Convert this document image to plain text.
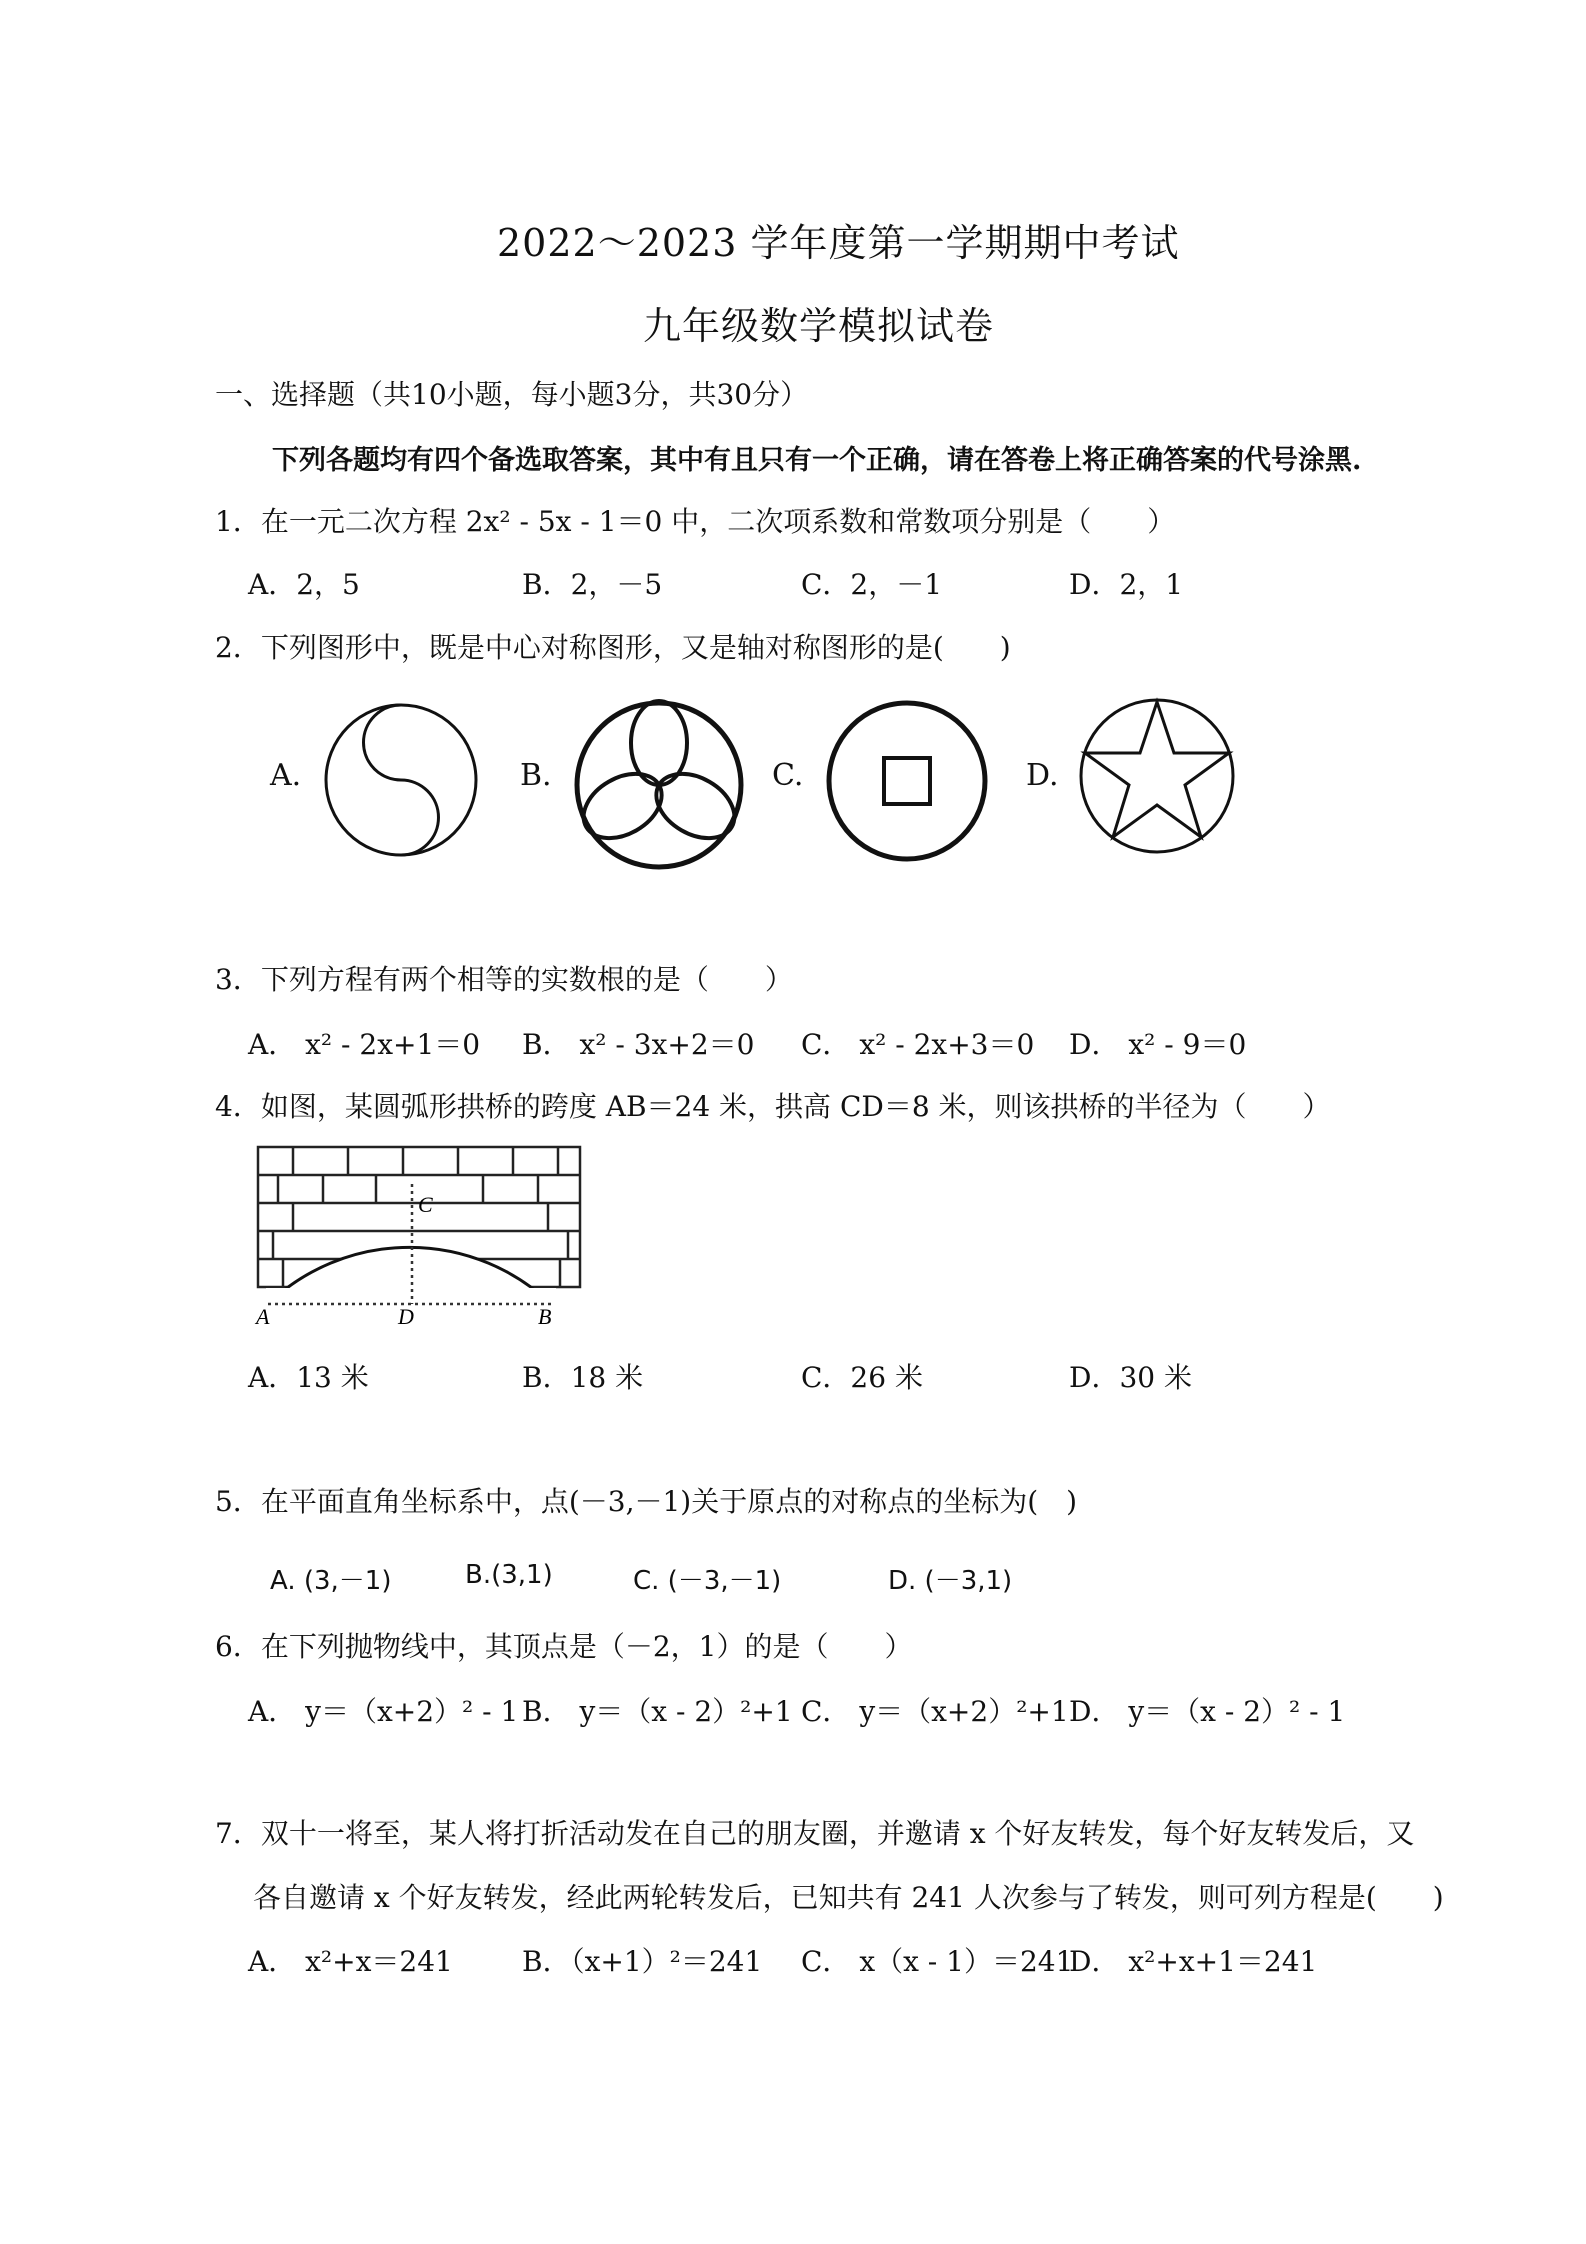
2022～2023 学年度第一学期期中考试
九年级数学模拟试卷
一、选择题（共10小题，每小题3分，共30分）
下列各题均有四个备选取答案，其中有且只有一个正确，请在答卷上将正确答案的代号涂黑.
1．在一元二次方程 2x² - 5x - 1＝0 中，二次项系数和常数项分别是（　　）
A．2，5	B．2，－5	C．2，－1	D．2，1
2．下列图形中，既是中心对称图形，又是轴对称图形的是(　　)
A.	B.	C.	D.
3．下列方程有两个相等的实数根的是（　　）
A． x² - 2x+1＝0 B． x² - 3x+2＝0 C． x² - 2x+3＝0 D． x² - 9＝0
4．如图，某圆弧形拱桥的跨度 AB＝24 米，拱高 CD＝8 米，则该拱桥的半径为（　　）
A	D	B
C
A．13 米	B．18 米	C．26 米	D．30 米
5．在平面直角坐标系中，点(－3,－1)关于原点的对称点的坐标为(　)
A. (3,－1)	B.(3,1)	C. (－3,－1)	D. (－3,1)
6．在下列抛物线中，其顶点是（－2，1）的是（　　）
A． y＝（x+2）² - 1 B． y＝（x - 2）²+1 C． y＝（x+2）²+1 D． y＝（x - 2）² - 1
7．双十一将至，某人将打折活动发在自己的朋友圈，并邀请 x 个好友转发，每个好友转发后，又
各自邀请 x 个好友转发，经此两轮转发后，已知共有 241 人次参与了转发，则可列方程是(　　)
A． x²+x＝241 B．（x+1）²＝241 C． x（x - 1）＝241
D． x²+x+1＝241
